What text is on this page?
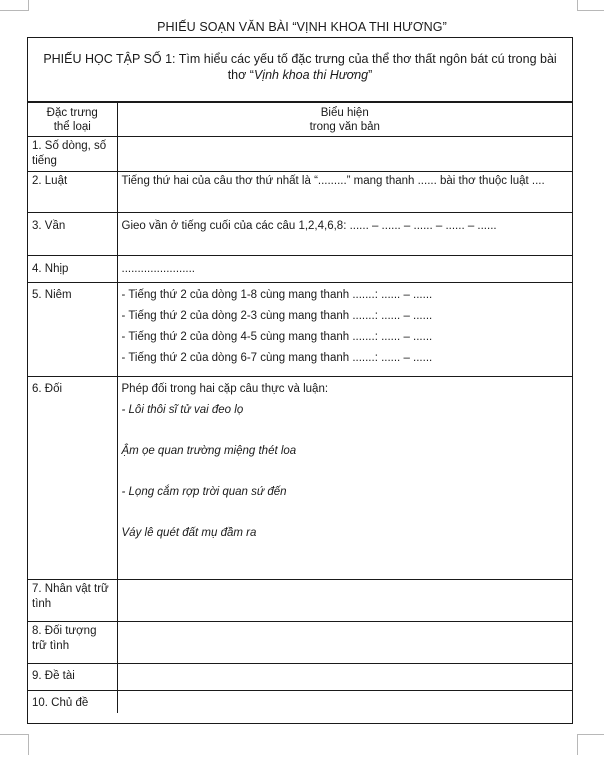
PHIẾU SOẠN VĂN BÀI “VỊNH KHOA THI HƯƠNG”
PHIẾU HỌC TẬP SỐ 1: Tìm hiểu các yếu tố đặc trưng của thể thơ thất ngôn bát cú trong bài
thơ “Vịnh khoa thi Hương”
Đặc trưng
thể loại	Biểu hiện
trong văn bản
1. Số dòng, số tiếng	
2. Luật	Tiếng thứ hai của câu thơ thứ nhất là “.........” mang thanh ...... bài thơ thuộc luật ....
3. Vần	Gieo vần ở tiếng cuối của các câu 1,2,4,6,8: ...... – ...... – ...... – ...... – ......
4. Nhịp	.......................
5. Niêm	- Tiếng thứ 2 của dòng 1-8 cùng mang thanh .......: ...... – ......
- Tiếng thứ 2 của dòng 2-3 cùng mang thanh .......: ...... – ......
- Tiếng thứ 2 của dòng 4-5 cùng mang thanh .......: ...... – ......
- Tiếng thứ 2 của dòng 6-7 cùng mang thanh .......: ...... – ......

6. Đối	Phép đối trong hai cặp câu thực và luận:
- Lôi thôi sĩ tử vai đeo lọ
Ậm ọe quan trường miệng thét loa
- Lọng cắm rợp trời quan sứ đến
Váy lê quét đất mụ đầm ra

7. Nhân vật trữ tình	
8. Đối tượng trữ tình	
9. Đề tài	
10. Chủ đề	
